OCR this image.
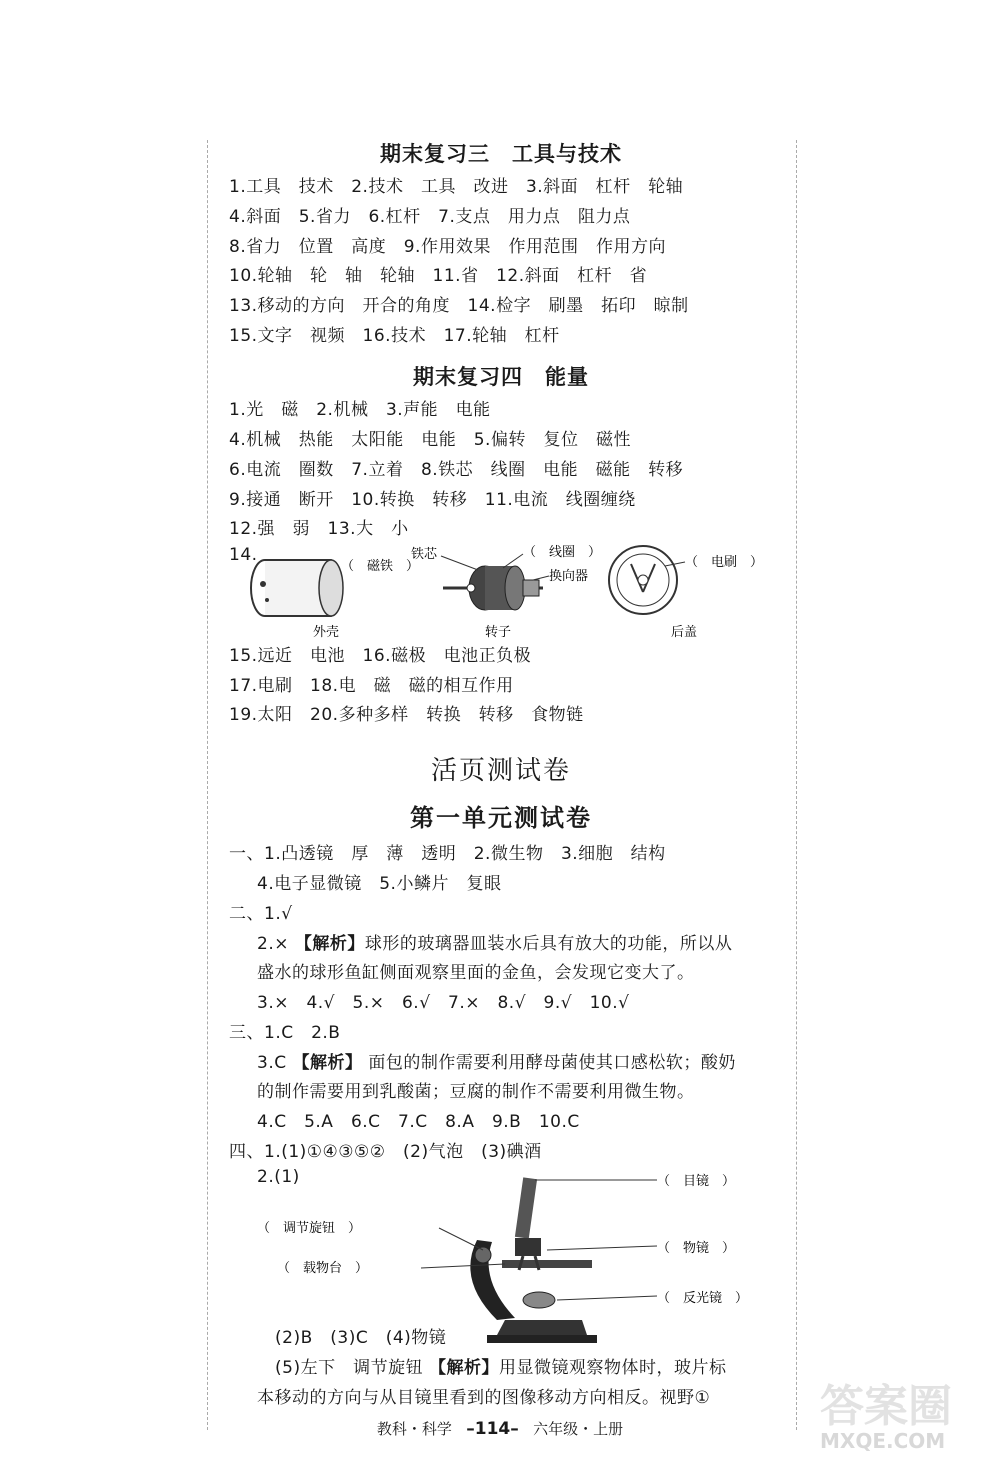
期末复习三　工具与技术
1.工具　技术　2.技术　工具　改进　3.斜面　杠杆　轮轴
4.斜面　5.省力　6.杠杆　7.支点　用力点　阻力点
8.省力　位置　高度　9.作用效果　作用范围　作用方向
10.轮轴　轮　轴　轮轴　11.省　12.斜面　杠杆　省
13.移动的方向　开合的角度　14.检字　刷墨　拓印　晾制
15.文字　视频　16.技术　17.轮轴　杠杆
期末复习四　能量
1.光　磁　2.机械　3.声能　电能
4.机械　热能　太阳能　电能　5.偏转　复位　磁性
6.电流　圈数　7.立着　8.铁芯　线圈　电能　磁能　转移
9.接通　断开　10.转换　转移　11.电流　线圈缠绕
12.强　弱　13.大　小
14.
（　磁铁　）
外壳
铁芯	（　线圈　）
换向器
转子
（　电刷　）
后盖
15.远近　电池　16.磁极　电池正负极
17.电刷　18.电　磁　磁的相互作用
19.太阳　20.多种多样　转换　转移　食物链
活页测试卷
第一单元测试卷
一、1.凸透镜　厚　薄　透明　2.微生物　3.细胞　结构
4.电子显微镜　5.小鳞片　复眼
二、1.√
2.× 【解析】球形的玻璃器皿装水后具有放大的功能，所以从
盛水的球形鱼缸侧面观察里面的金鱼，会发现它变大了。
3.×　4.√　5.×　6.√　7.×　8.√　9.√　10.√
三、1.C　2.B
3.C 【解析】 面包的制作需要利用酵母菌使其口感松软；酸奶
的制作需要用到乳酸菌；豆腐的制作不需要利用微生物。
4.C　5.A　6.C　7.C　8.A　9.B　10.C
四、1.(1)①④③⑤②　(2)气泡　(3)碘酒
2.(1)	（　目镜　）
（　调节旋钮　）
（　物镜　）
（　载物台　）
（　反光镜　）
(2)B　(3)C　(4)物镜
(5)左下　调节旋钮 【解析】用显微镜观察物体时，玻片标
本移动的方向与从目镜里看到的图像移动方向相反。视野①
教科・科学 –114– 六年级・上册	答案圈
MXQE.COM
